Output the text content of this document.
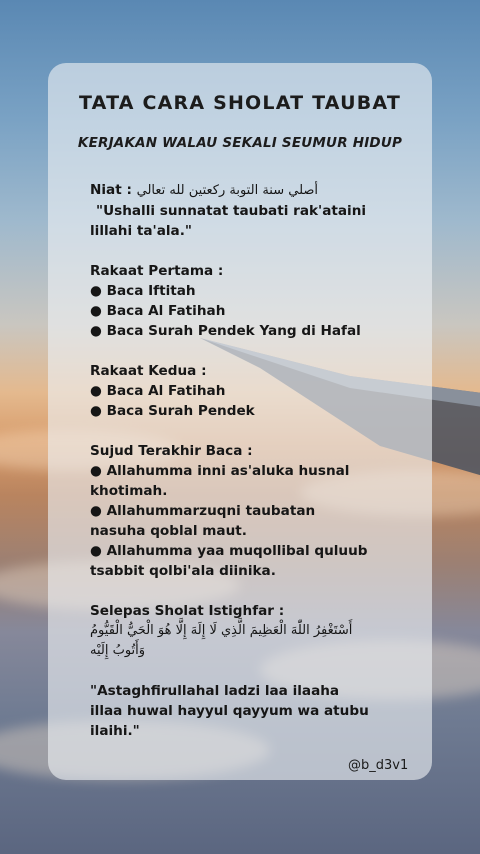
TATA CARA SHOLAT TAUBAT
KERJAKAN WALAU SEKALI SEUMUR HIDUP
Niat : أصلي سنة التوبة ركعتين لله تعالي
"Ushalli sunnatat taubati rak'ataini
lillahi ta'ala."
Rakaat Pertama :
● Baca Iftitah
● Baca Al Fatihah
● Baca Surah Pendek Yang di Hafal
Rakaat Kedua :
● Baca Al Fatihah
● Baca Surah Pendek
Sujud Terakhir Baca :
● Allahumma inni as'aluka husnal
khotimah.
● Allahummarzuqni taubatan
nasuha qoblal maut.
● Allahumma yaa muqollibal quluub
tsabbit qolbi'ala diinika.
Selepas Sholat Istighfar :
أَسْتَغْفِرُ اللّٰهَ الْعَظِيمَ الَّذِي لَا إِلَهَ إِلَّا هُوَ الْحَيُّ الْقَيُّومُ
وَأَتُوبُ إِلَيْه
"Astaghfirullahal ladzi laa ilaaha
illaa huwal hayyul qayyum wa atubu
ilaihi."
@b_d3v1
